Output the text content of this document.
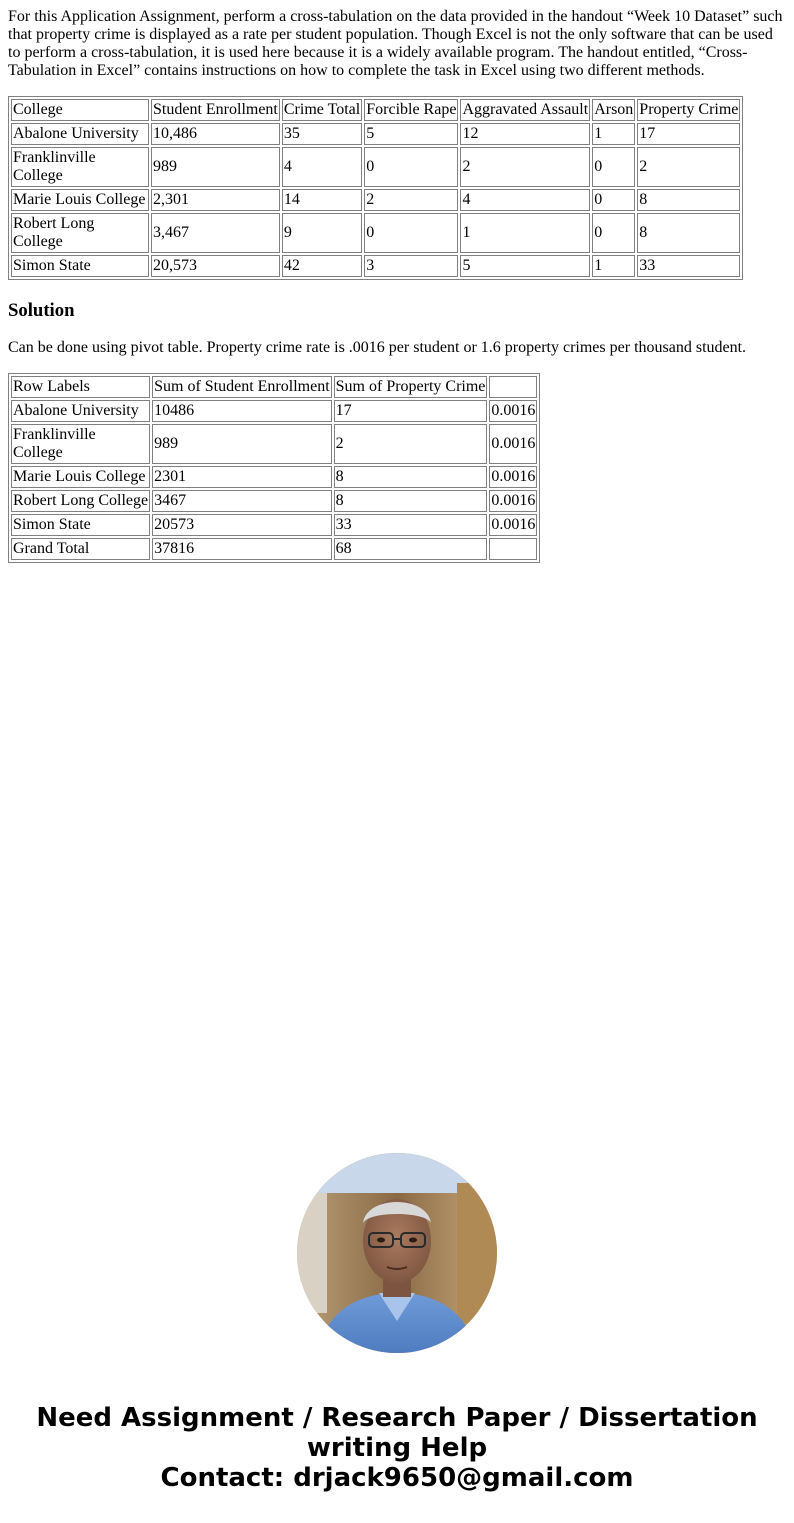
For this Application Assignment, perform a cross-tabulation on the data provided in the handout “Week 10 Dataset” such that property crime is displayed as a rate per student population. Though Excel is not the only software that can be used to perform a cross-tabulation, it is used here because it is a widely available program. The handout entitled, “Cross-Tabulation in Excel” contains instructions on how to complete the task in Excel using two different methods.

College	Student Enrollment	Crime Total	Forcible Rape	Aggravated Assault	Arson	Property Crime
Abalone University	10,486	35	5	12	1	17
Franklinville College	989	4	0	2	0	2
Marie Louis College	2,301	14	2	4	0	8
Robert Long College	3,467	9	0	1	0	8
Simon State	20,573	42	3	5	1	33
Solution

Can be done using pivot table. Property crime rate is .0016 per student or 1.6 property crimes per thousand student.

Row Labels	Sum of Student Enrollment	Sum of Property Crime	
Abalone University	10486	17	0.0016
Franklinville College	989	2	0.0016
Marie Louis College	2301	8	0.0016
Robert Long College	3467	8	0.0016
Simon State	20573	33	0.0016
Grand Total	37816	68	
Need Assignment / Research Paper / Dissertation
writing Help
Contact: drjack9650@gmail.com
